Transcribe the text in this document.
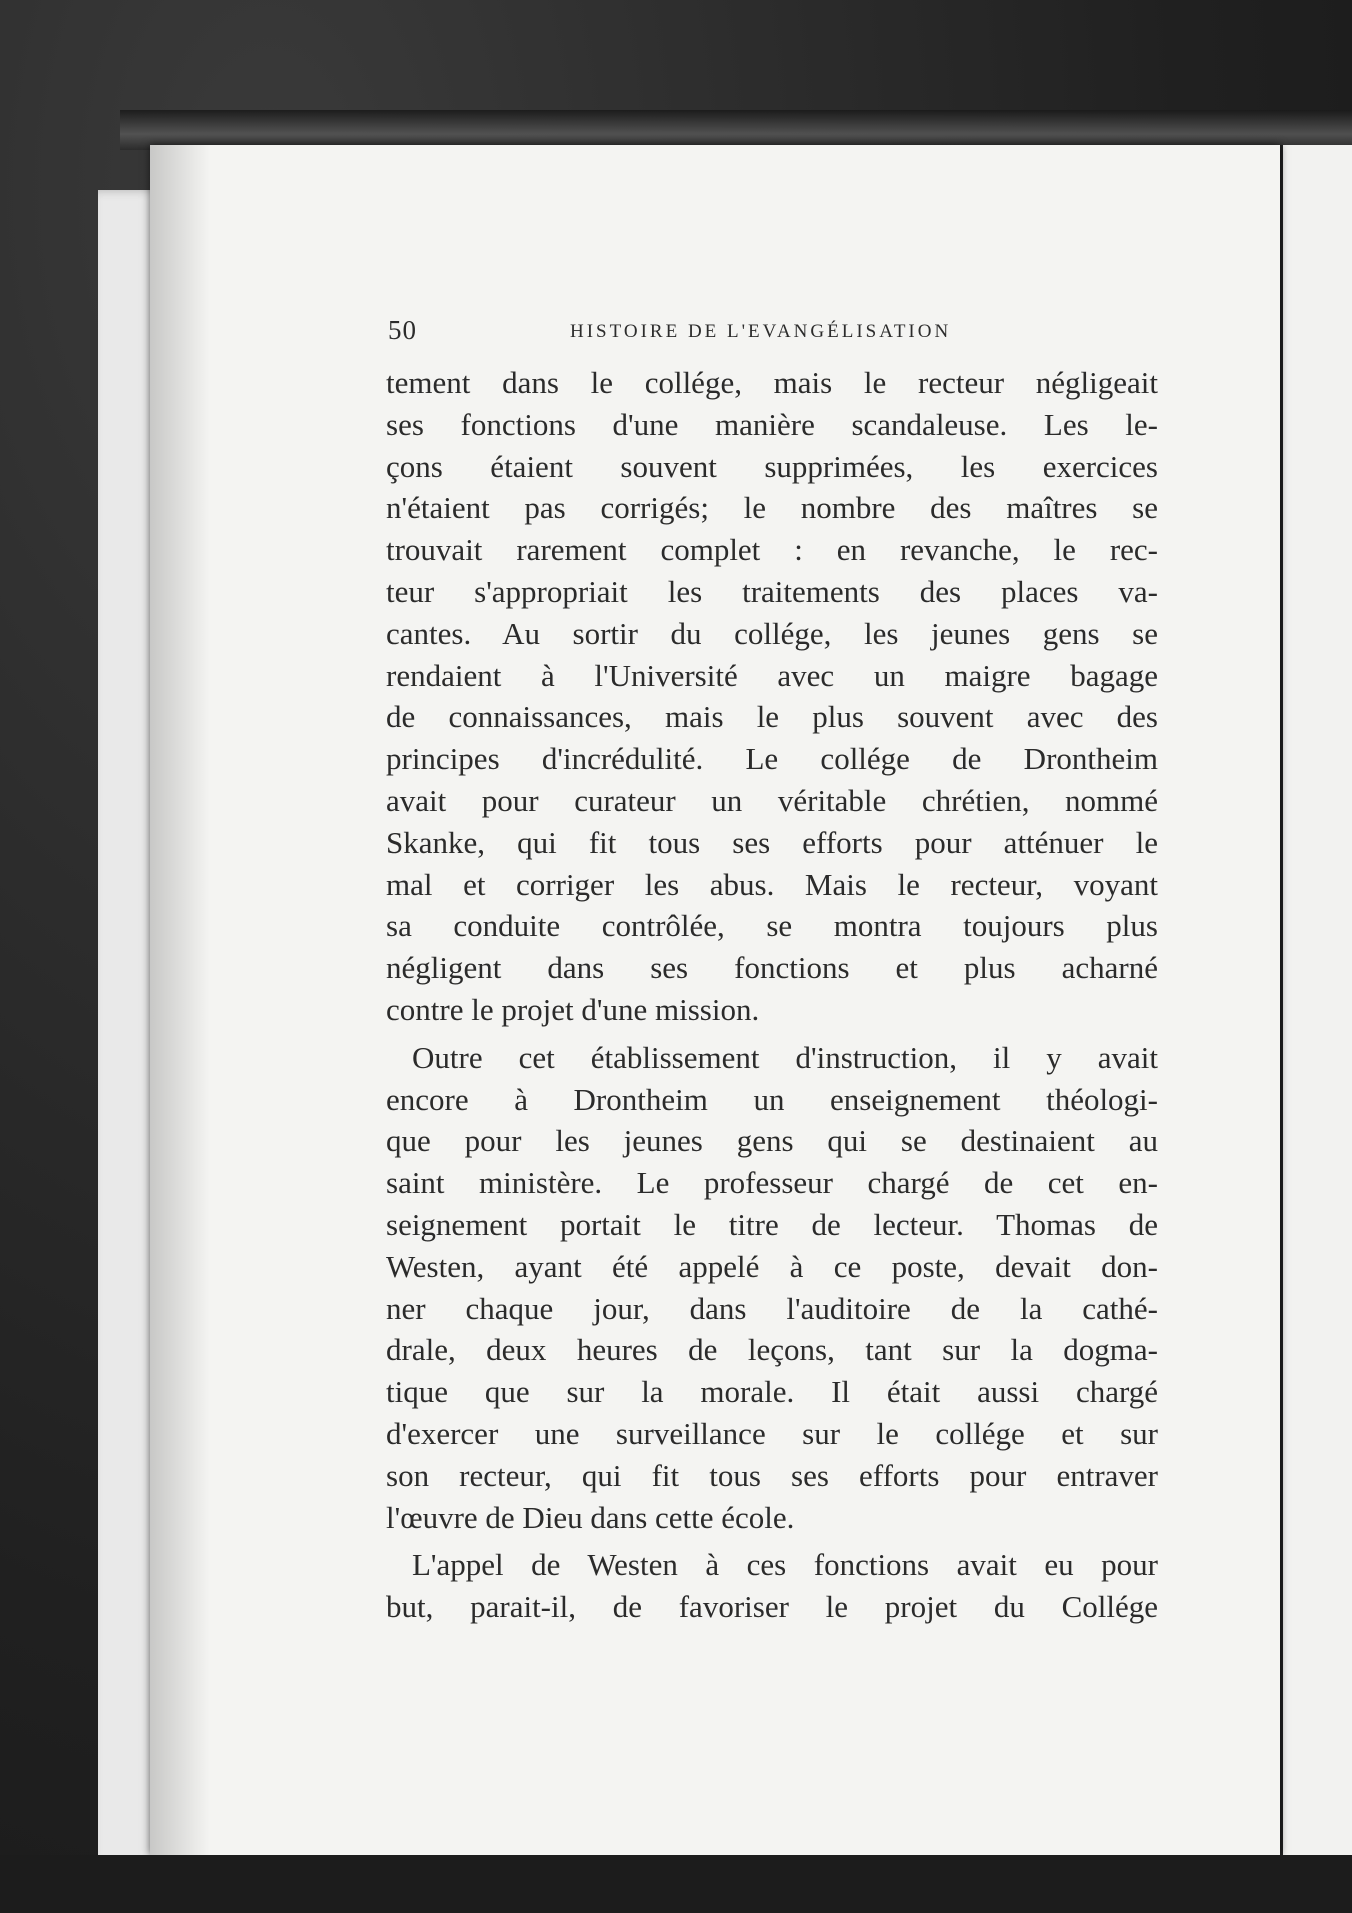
50	HISTOIRE DE L'EVANGÉLISATION
tement dans le collége, mais le recteur négligeait
ses fonctions d'une manière scandaleuse. Les le-
çons étaient souvent supprimées, les exercices
n'étaient pas corrigés; le nombre des maîtres se
trouvait rarement complet : en revanche, le rec-
teur s'appropriait les traitements des places va-
cantes. Au sortir du collége, les jeunes gens se
rendaient à l'Université avec un maigre bagage
de connaissances, mais le plus souvent avec des
principes d'incrédulité. Le collége de Drontheim
avait pour curateur un véritable chrétien, nommé
Skanke, qui fit tous ses efforts pour atténuer le
mal et corriger les abus. Mais le recteur, voyant
sa conduite contrôlée, se montra toujours plus
négligent dans ses fonctions et plus acharné
contre le projet d'une mission.
Outre cet établissement d'instruction, il y avait
encore à Drontheim un enseignement théologi-
que pour les jeunes gens qui se destinaient au
saint ministère. Le professeur chargé de cet en-
seignement portait le titre de lecteur. Thomas de
Westen, ayant été appelé à ce poste, devait don-
ner chaque jour, dans l'auditoire de la cathé-
drale, deux heures de leçons, tant sur la dogma-
tique que sur la morale. Il était aussi chargé
d'exercer une surveillance sur le collége et sur
son recteur, qui fit tous ses efforts pour entraver
l'œuvre de Dieu dans cette école.
L'appel de Westen à ces fonctions avait eu pour
but, parait-il, de favoriser le projet du Collége
